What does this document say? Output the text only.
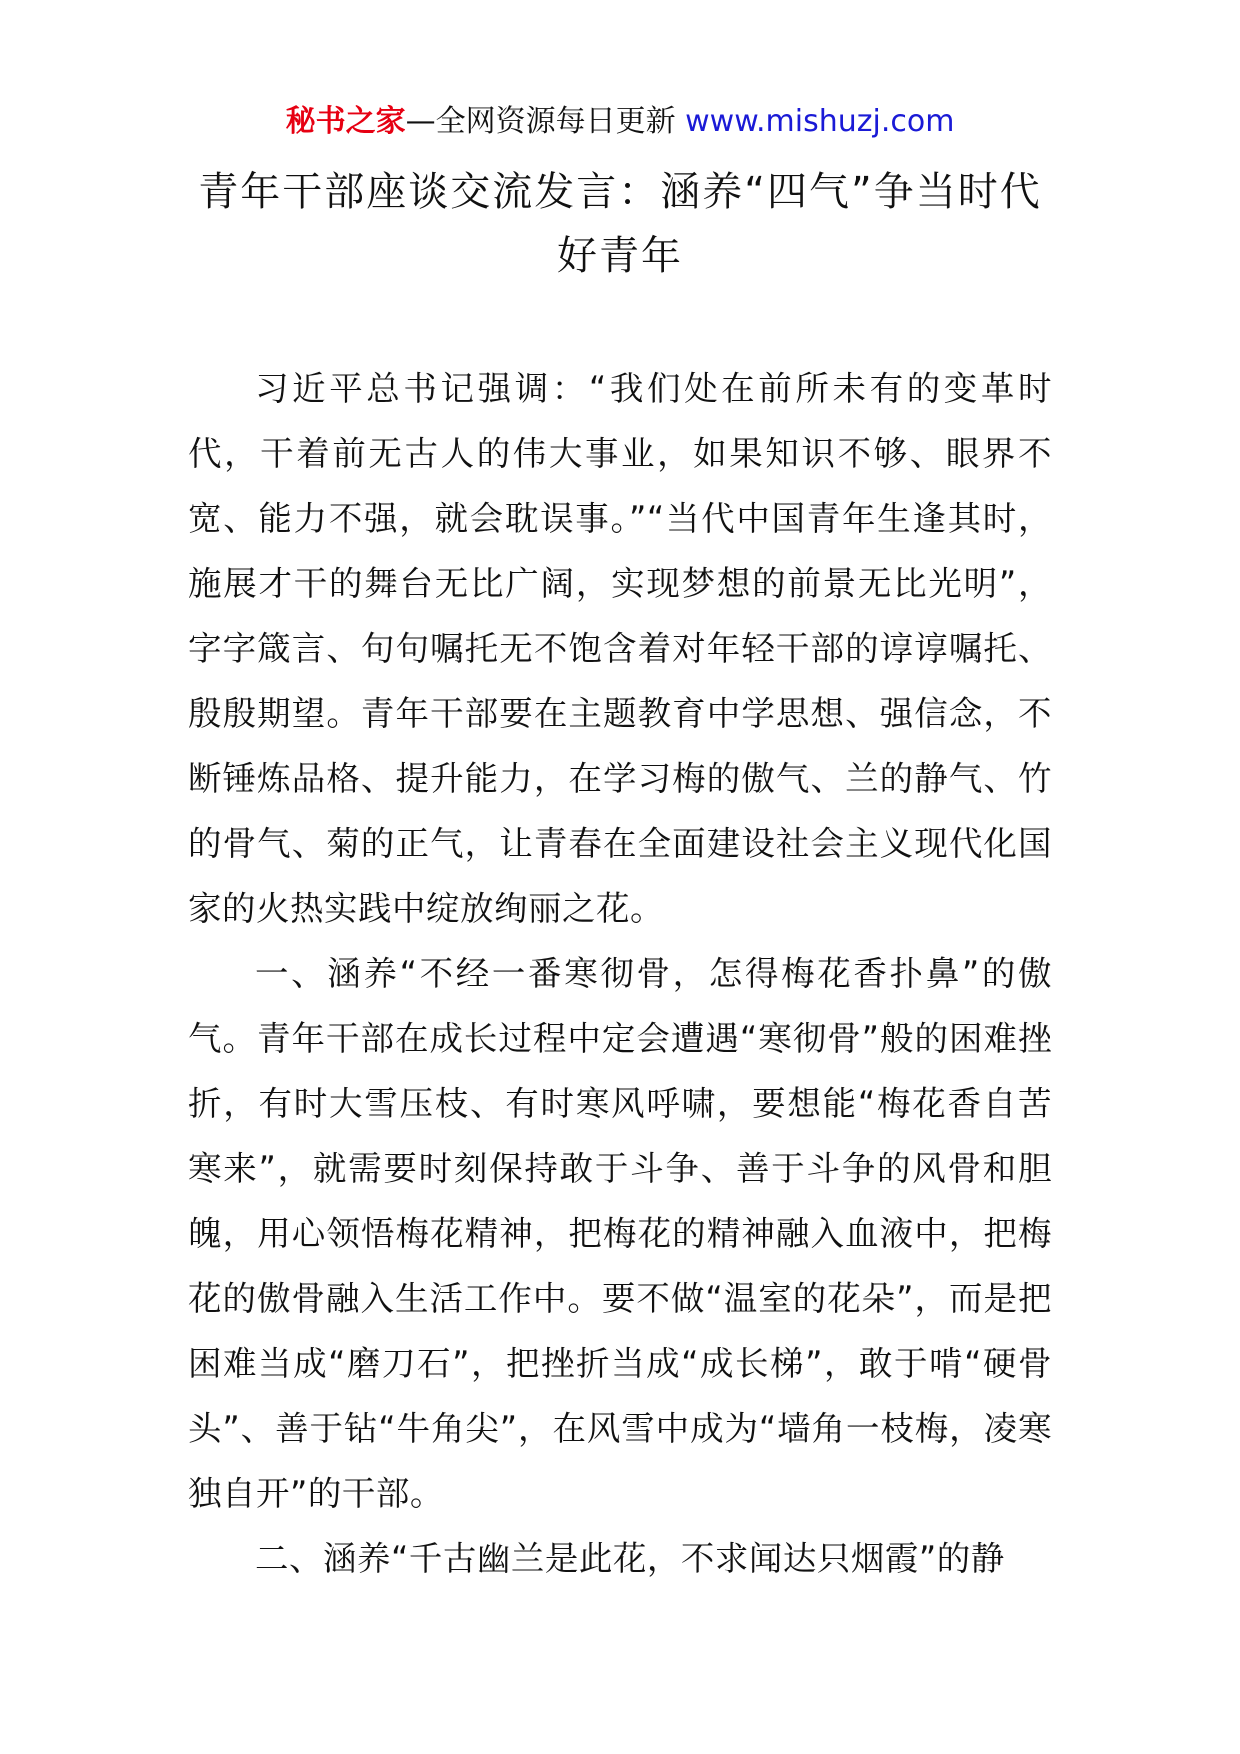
秘书之家—全网资源每日更新 www.mishuzj.com
青年干部座谈交流发言：涵养“四气”争当时代好青年

习近平总书记强调：“我们处在前所未有的变革时代，干着前无古人的伟大事业，如果知识不够、眼界不宽、能力不强，就会耽误事。”“当代中国青年生逢其时，施展才干的舞台无比广阔，实现梦想的前景无比光明”，字字箴言、句句嘱托无不饱含着对年轻干部的谆谆嘱托、殷殷期望。青年干部要在主题教育中学思想、强信念，不断锤炼品格、提升能力，在学习梅的傲气、兰的静气、竹的骨气、菊的正气，让青春在全面建设社会主义现代化国家的火热实践中绽放绚丽之花。

一、涵养“不经一番寒彻骨，怎得梅花香扑鼻”的傲气。青年干部在成长过程中定会遭遇“寒彻骨”般的困难挫折，有时大雪压枝、有时寒风呼啸，要想能“梅花香自苦寒来”，就需要时刻保持敢于斗争、善于斗争的风骨和胆魄，用心领悟梅花精神，把梅花的精神融入血液中，把梅花的傲骨融入生活工作中。要不做“温室的花朵”，而是把困难当成“磨刀石”，把挫折当成“成长梯”，敢于啃“硬骨头”、善于钻“牛角尖”，在风雪中成为“墙角一枝梅，凌寒独自开”的干部。

二、涵养“千古幽兰是此花，不求闻达只烟霞”的静
